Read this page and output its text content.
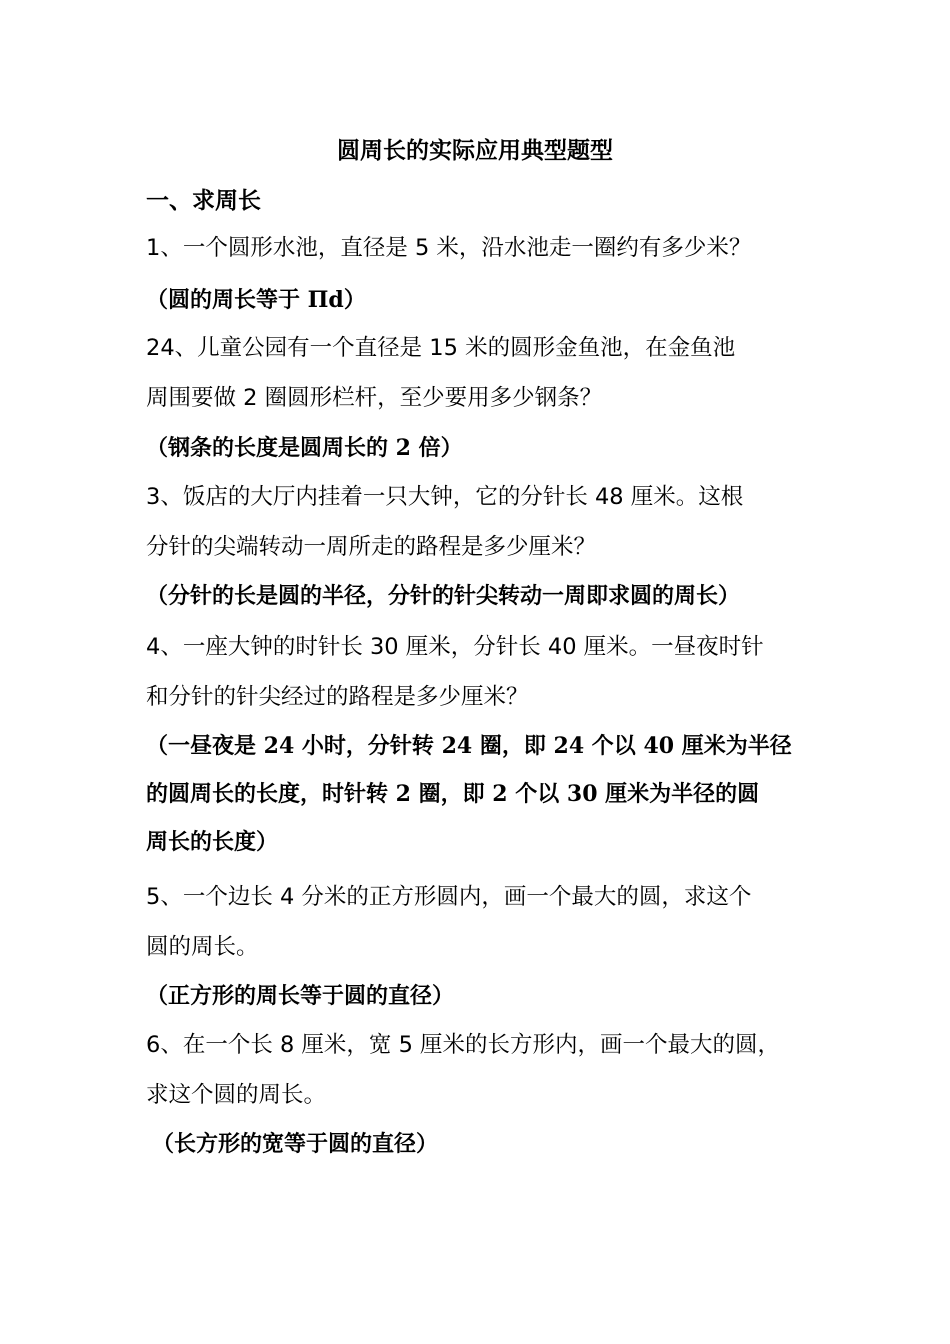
圆周长的实际应用典型题型
一、求周长
1、一个圆形水池，直径是 5 米，沿水池走一圈约有多少米？
（圆的周长等于 Πd）
24、儿童公园有一个直径是 15 米的圆形金鱼池，在金鱼池
周围要做 2 圈圆形栏杆，至少要用多少钢条？
（钢条的长度是圆周长的 2 倍）
3、饭店的大厅内挂着一只大钟，它的分针长 48 厘米。这根
分针的尖端转动一周所走的路程是多少厘米？
（分针的长是圆的半径，分针的针尖转动一周即求圆的周长）
4、一座大钟的时针长 30 厘米，分针长 40 厘米。一昼夜时针
和分针的针尖经过的路程是多少厘米？
（一昼夜是 24 小时，分针转 24 圈，即 24 个以 40 厘米为半径
的圆周长的长度，时针转 2 圈，即 2 个以 30 厘米为半径的圆
周长的长度）
5、一个边长 4 分米的正方形圆内，画一个最大的圆，求这个
圆的周长。
（正方形的周长等于圆的直径）
6、在一个长 8 厘米，宽 5 厘米的长方形内，画一个最大的圆，
求这个圆的周长。
（长方形的宽等于圆的直径）
